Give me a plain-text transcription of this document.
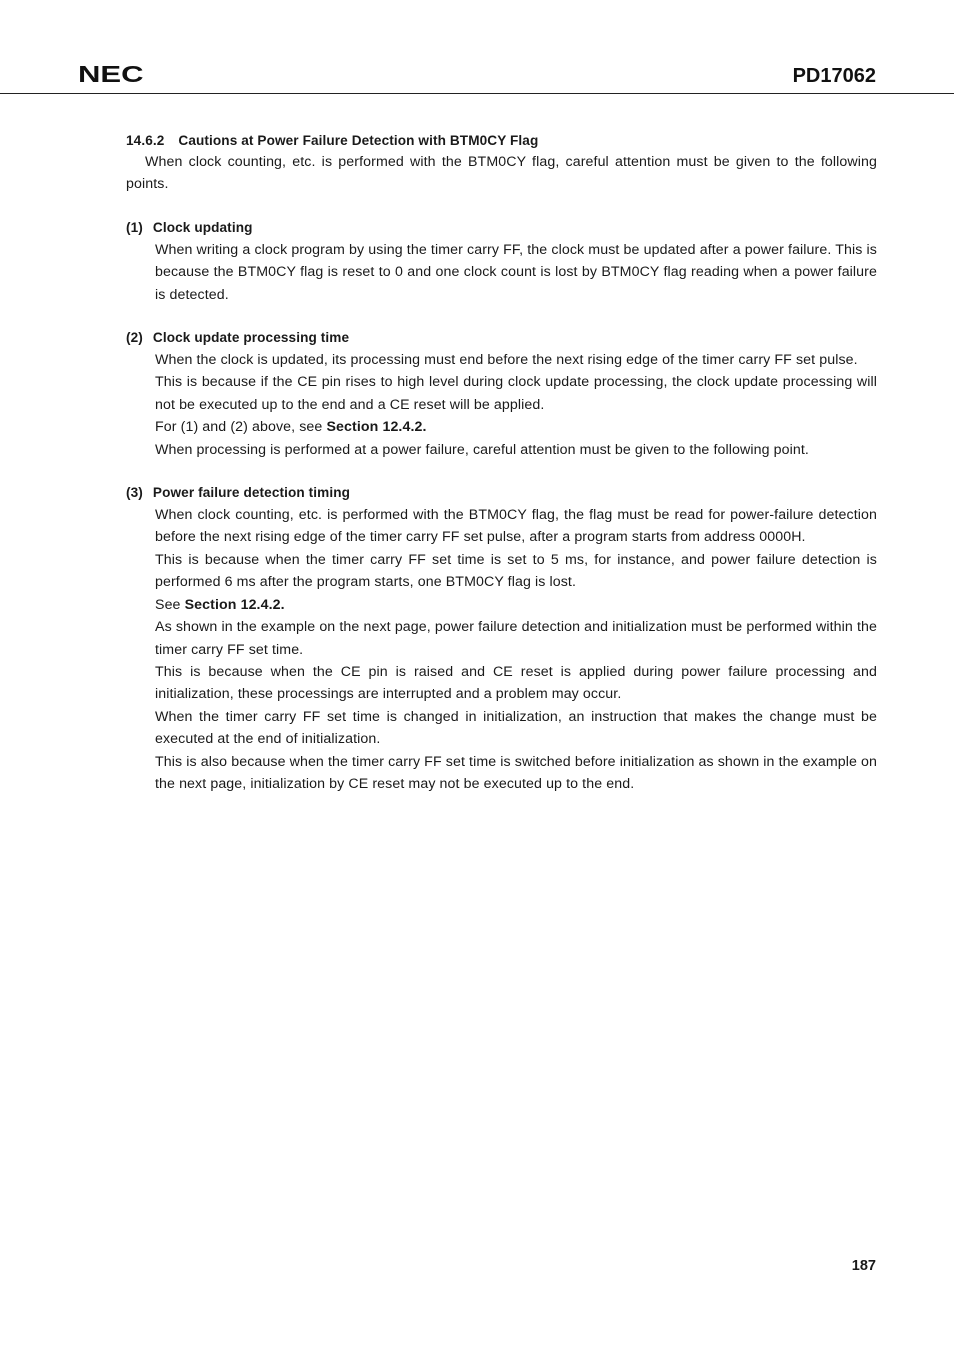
NEC	PD17062
14.6.2 Cautions at Power Failure Detection with BTM0CY Flag

When clock counting, etc. is performed with the BTM0CY flag, careful attention must be given to the following points.

(1) Clock updating

When writing a clock program by using the timer carry FF, the clock must be updated after a power failure. This is because the BTM0CY flag is reset to 0 and one clock count is lost by BTM0CY flag reading when a power failure is detected.

(2) Clock update processing time

When the clock is updated, its processing must end before the next rising edge of the timer carry FF set pulse.

This is because if the CE pin rises to high level during clock update processing, the clock update processing will not be executed up to the end and a CE reset will be applied.

For (1) and (2) above, see Section 12.4.2.

When processing is performed at a power failure, careful attention must be given to the following point.

(3) Power failure detection timing

When clock counting, etc. is performed with the BTM0CY flag, the flag must be read for power-failure detection before the next rising edge of the timer carry FF set pulse, after a program starts from address 0000H.

This is because when the timer carry FF set time is set to 5 ms, for instance, and power failure detection is performed 6 ms after the program starts, one BTM0CY flag is lost.

See Section 12.4.2.

As shown in the example on the next page, power failure detection and initialization must be performed within the timer carry FF set time.

This is because when the CE pin is raised and CE reset is applied during power failure processing and initialization, these processings are interrupted and a problem may occur.

When the timer carry FF set time is changed in initialization, an instruction that makes the change must be executed at the end of initialization.

This is also because when the timer carry FF set time is switched before initialization as shown in the example on the next page, initialization by CE reset may not be executed up to the end.

187
